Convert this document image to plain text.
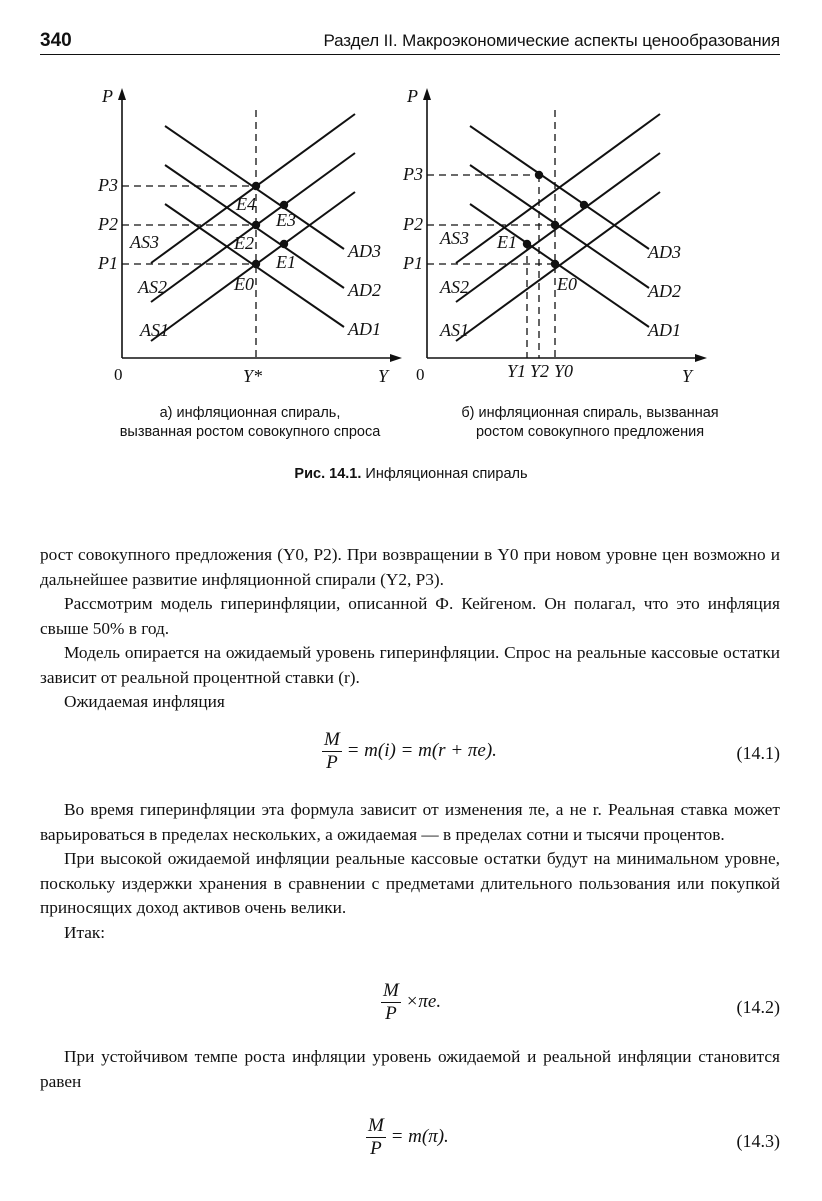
340	Раздел II. Макроэкономические аспекты ценообразования
P
Y
Y*
P3
P2
P1
AS3
AS2
AS1
AD3
AD2
AD1
E4
E3
E2
E1
E0
0
P
Y
P3
P2
P1
Y1 Y2 Y0
AS3
AS2
AS1
AD3
AD2
AD1
E1
E0
0
а) инфляционная спираль,
вызванная ростом совокупного спроса
б) инфляционная спираль, вызванная
ростом совокупного предложения
Рис. 14.1. Инфляционная спираль

рост совокупного предложения (Y0, P2). При возвращении в Y0 при новом уровне цен возможно и дальнейшее развитие инфляционной спирали (Y2, P3).

Рассмотрим модель гиперинфляции, описанной Ф. Кейгеном. Он полагал, что это инфляция свыше 50% в год.

Модель опирается на ожидаемый уровень гиперинфляции. Спрос на реальные кассовые остатки зависит от реальной процентной ставки (r).

Ожидаемая инфляция

$\frac{M}{P} = m(i) = m(r + \pi e)$.	(14.1)

Во время гиперинфляции эта формула зависит от изменения πe, а не r. Реальная ставка может варьироваться в пределах нескольких, а ожидаемая — в пределах сотни и тысячи процентов.

При высокой ожидаемой инфляции реальные кассовые остатки будут на минимальном уровне, поскольку издержки хранения в сравнении с предметами длительного пользования или покупкой приносящих доход активов очень велики.

Итак:

$\frac{M}{P} \times\pi e$.	(14.2)

При устойчивом темпе роста инфляции уровень ожидаемой и реальной инфляции становится равен

$\frac{M}{P} = m(\pi)$.	(14.3)
